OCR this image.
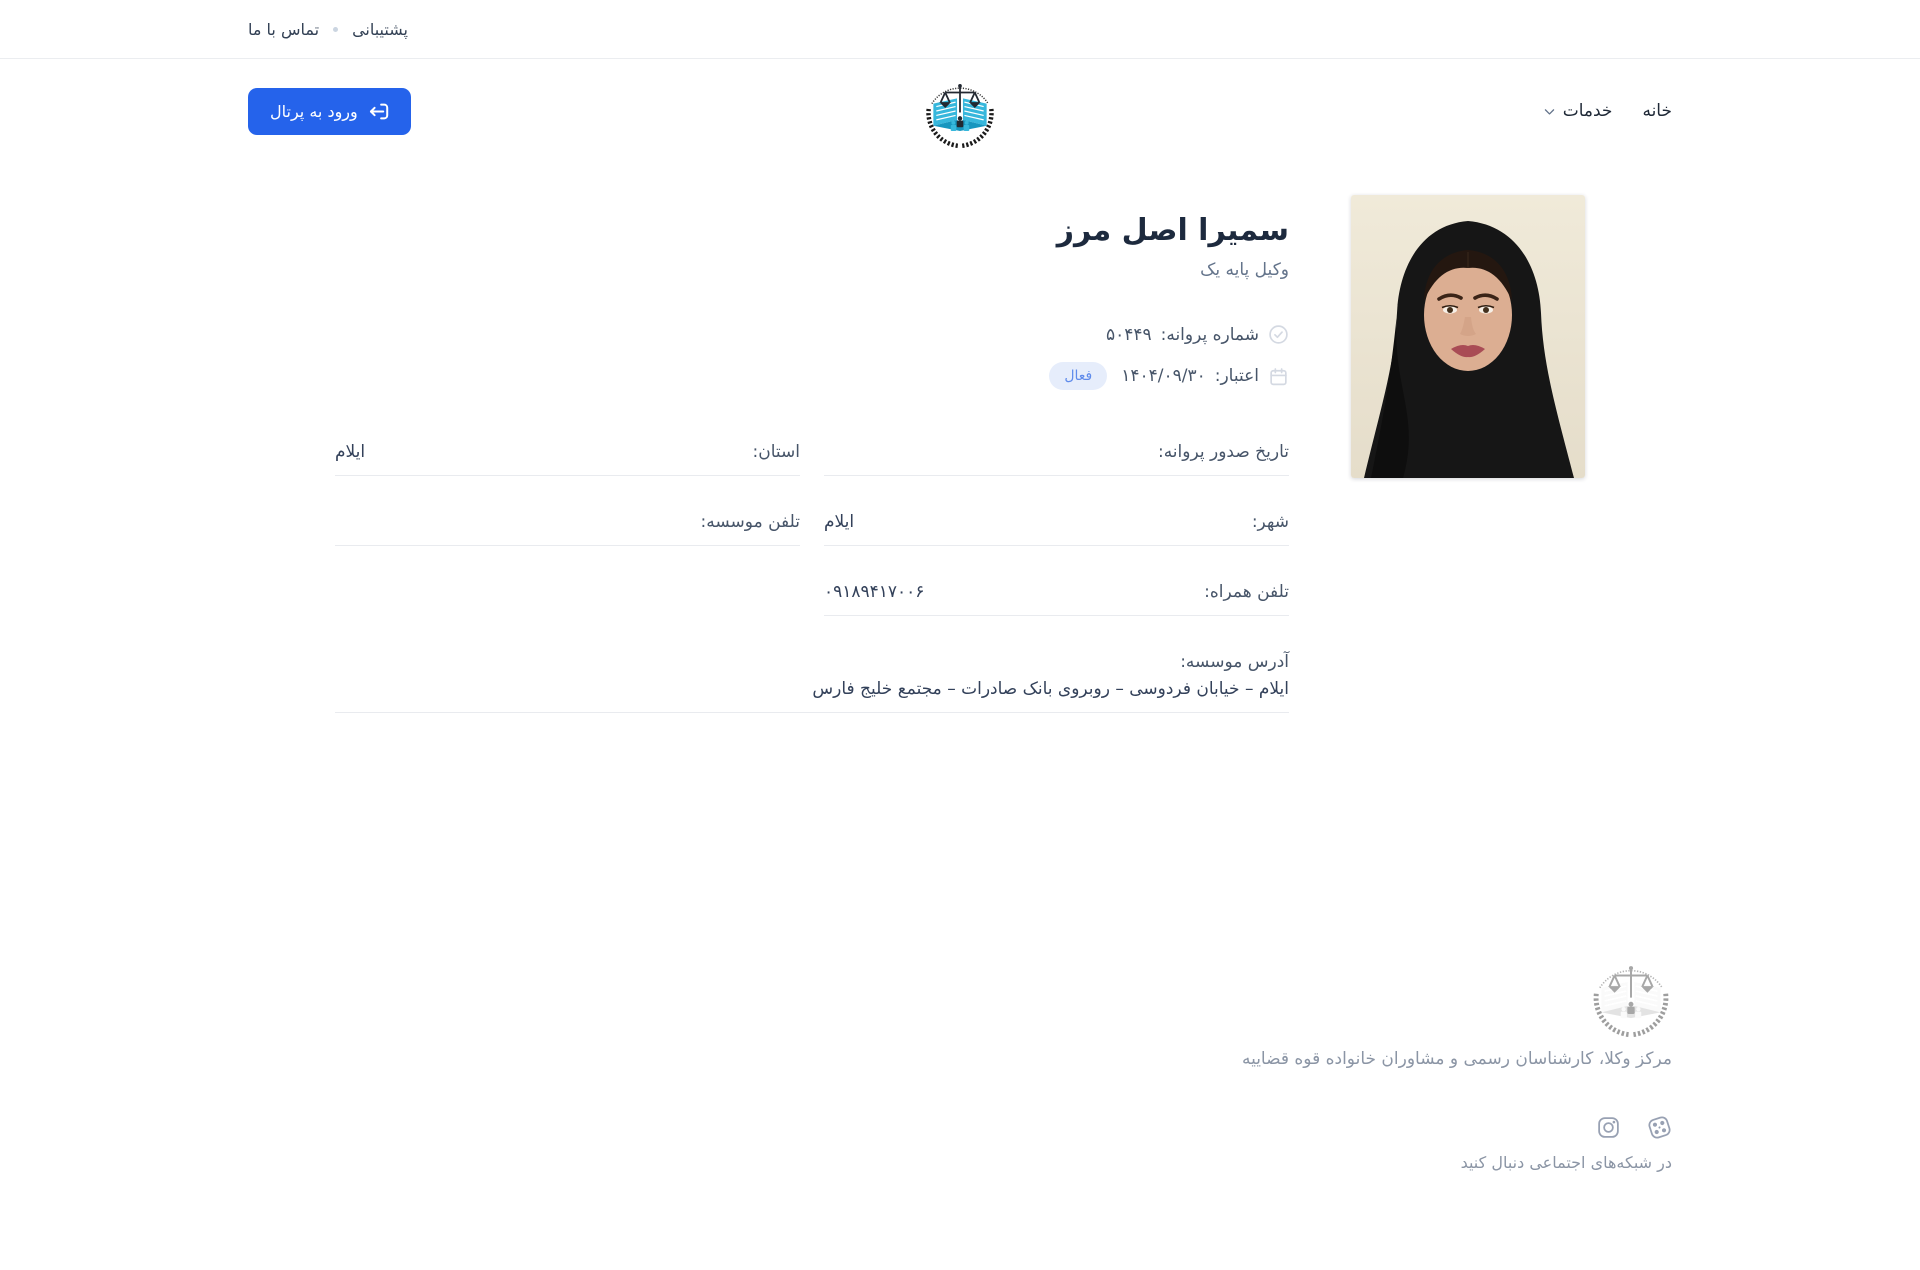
پشتیبانی
تماس با ما
خانه
خدمات
ورود به پرتال
سمیرا اصل مرز
وکیل پایه یک
شماره پروانه:
۵۰۴۴۹
اعتبار:
۱۴۰۴/۰۹/۳۰
فعال
تاریخ صدور پروانه:
استان:
ایلام
شهر:
ایلام
تلفن موسسه:
تلفن همراه:
۰۹۱۸۹۴۱۷۰۰۶
آدرس موسسه:
ایلام – خیابان فردوسی – روبروی بانک صادرات – مجتمع خلیج فارس
مرکز وکلا، کارشناسان رسمی و مشاوران خانواده قوه قضاییه
در شبکه‌های اجتماعی دنبال کنید
